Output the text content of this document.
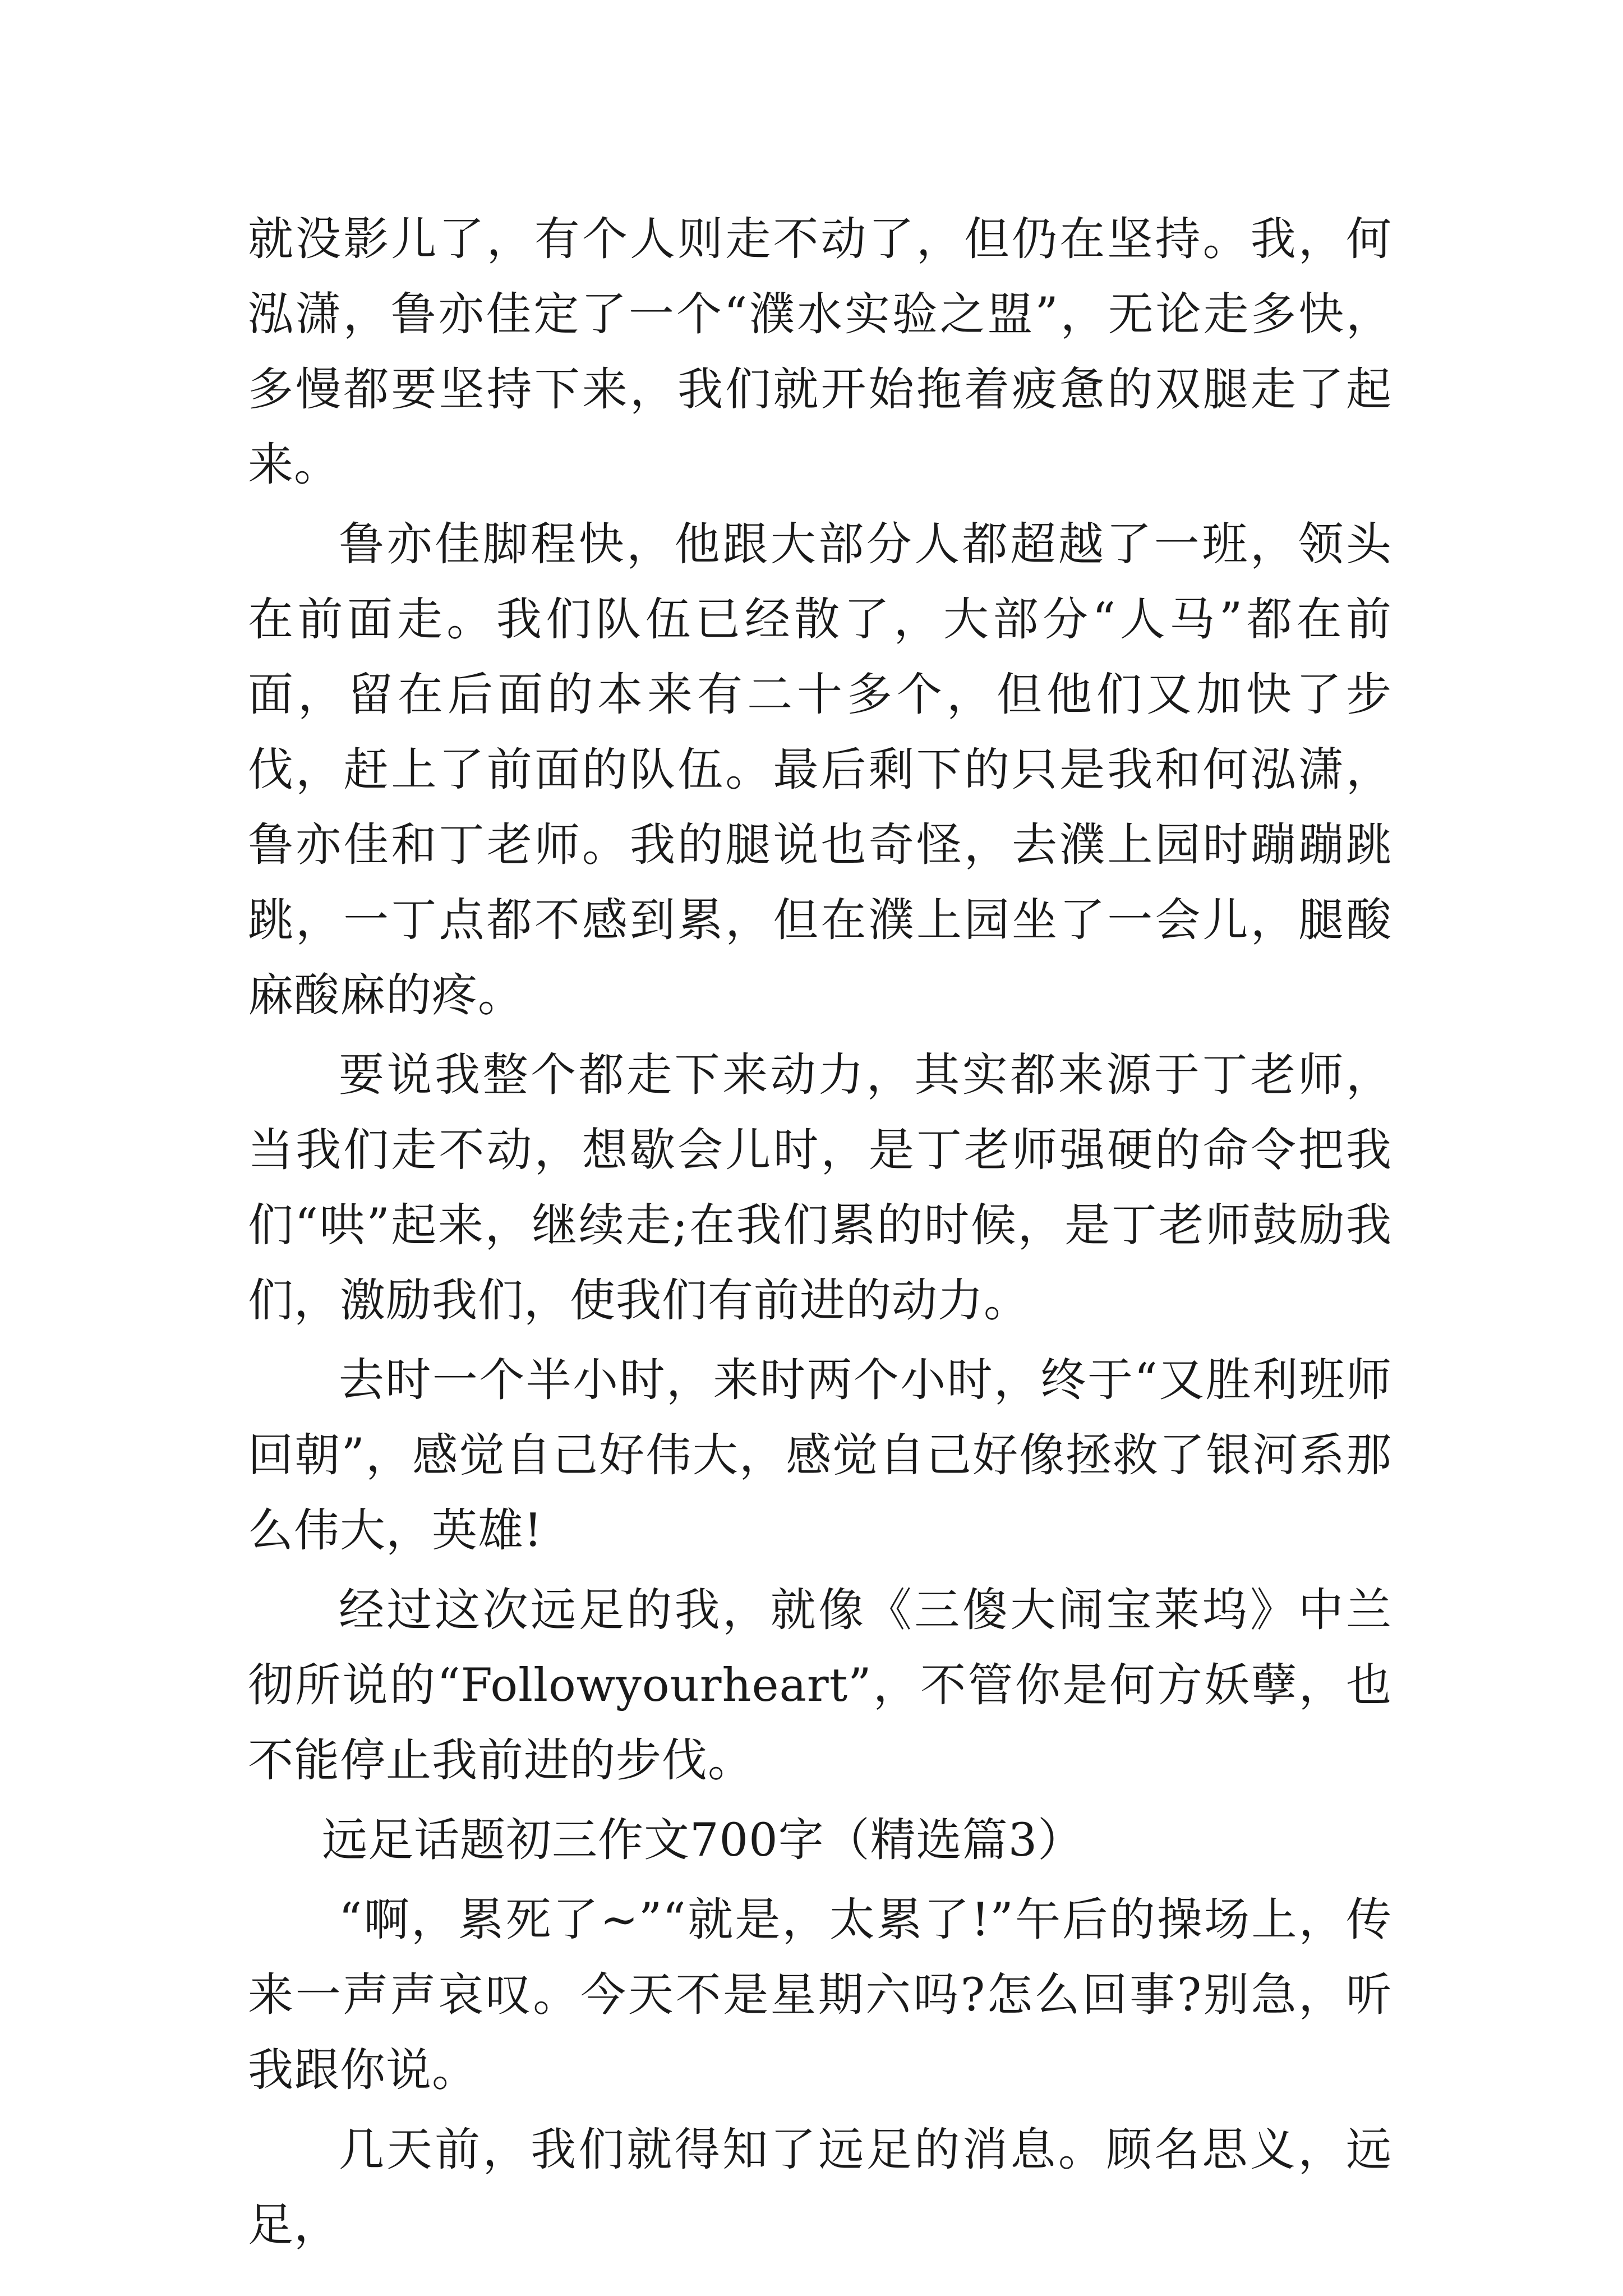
就没影儿了，有个人则走不动了，但仍在坚持。我，何泓潇，鲁亦佳定了一个“濮水实验之盟”，无论走多快，多慢都要坚持下来，我们就开始拖着疲惫的双腿走了起来。

鲁亦佳脚程快，他跟大部分人都超越了一班，领头在前面走。我们队伍已经散了，大部分“人马”都在前面，留在后面的本来有二十多个，但他们又加快了步伐，赶上了前面的队伍。最后剩下的只是我和何泓潇，鲁亦佳和丁老师。我的腿说也奇怪，去濮上园时蹦蹦跳跳，一丁点都不感到累，但在濮上园坐了一会儿，腿酸麻酸麻的疼。

要说我整个都走下来动力，其实都来源于丁老师，当我们走不动，想歇会儿时，是丁老师强硬的命令把我们“哄”起来，继续走;在我们累的时候，是丁老师鼓励我们，激励我们，使我们有前进的动力。

去时一个半小时，来时两个小时，终于“又胜利班师回朝”，感觉自己好伟大，感觉自己好像拯救了银河系那么伟大，英雄!

经过这次远足的我，就像《三傻大闹宝莱坞》中兰彻所说的“Followyourheart”，不管你是何方妖孽，也不能停止我前进的步伐。

远足话题初三作文700字（精选篇3）

“啊，累死了~”“就是，太累了!”午后的操场上，传来一声声哀叹。今天不是星期六吗?怎么回事?别急，听我跟你说。

几天前，我们就得知了远足的消息。顾名思义，远足，
